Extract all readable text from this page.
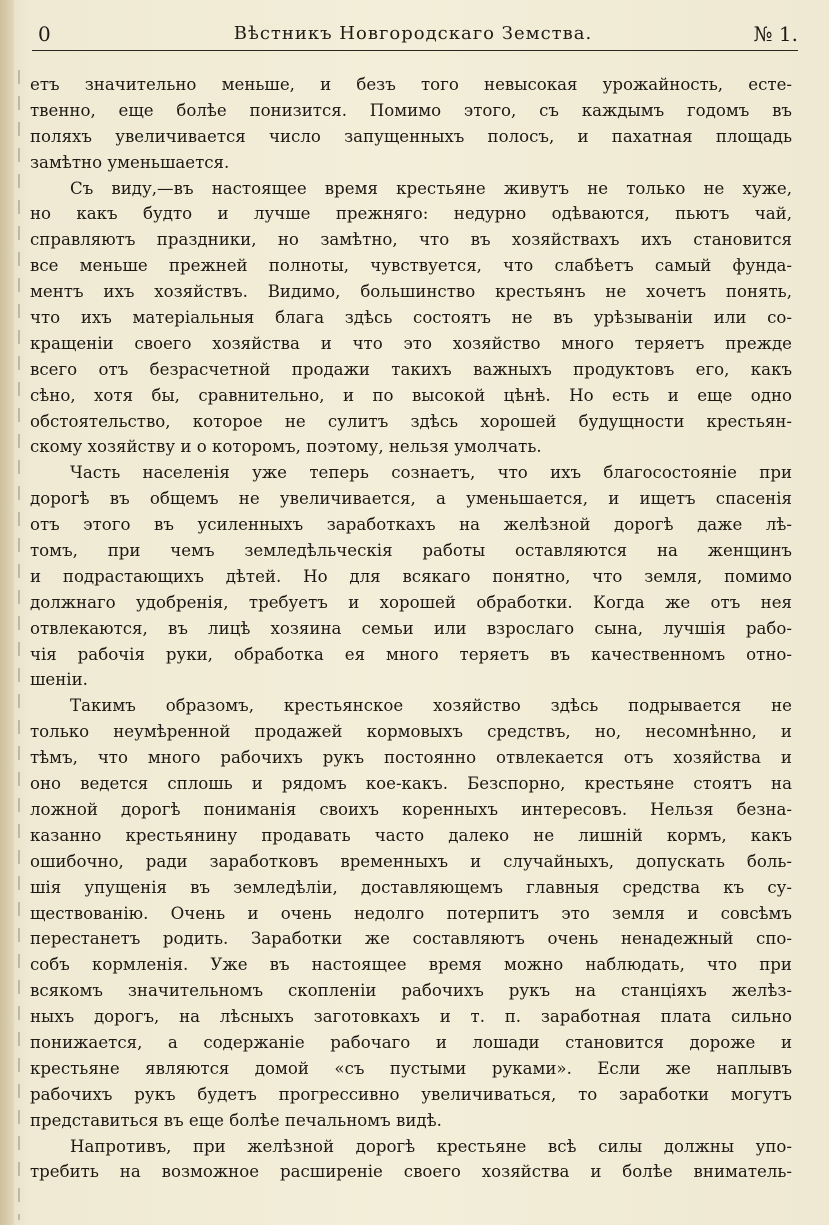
0	Вѣстникъ Новгородскаго Земства.	№ 1.
етъ значительно меньше, и безъ того невысокая урожайность, есте-
твенно, еще болѣе понизится. Помимо этого, съ каждымъ годомъ въ
поляхъ увеличивается число запущенныхъ полосъ, и пахатная площадь
замѣтно уменьшается.
Съ виду,—въ настоящее время крестьяне живутъ не только не хуже,
но какъ будто и лучше прежняго: недурно одѣваются, пьютъ чай,
справляютъ праздники, но замѣтно, что въ хозяйствахъ ихъ становится
все меньше прежней полноты, чувствуется, что слабѣетъ самый фунда-
ментъ ихъ хозяйствъ. Видимо, большинство крестьянъ не хочетъ понять,
что ихъ матеріальныя блага здѣсь состоятъ не въ урѣзываніи или со-
кращеніи своего хозяйства и что это хозяйство много теряетъ прежде
всего отъ безрасчетной продажи такихъ важныхъ продуктовъ его, какъ
сѣно, хотя бы, сравнительно, и по высокой цѣнѣ. Но есть и еще одно
обстоятельство, которое не сулитъ здѣсь хорошей будущности крестьян-
скому хозяйству и о которомъ, поэтому, нельзя умолчать.
Часть населенія уже теперь сознаетъ, что ихъ благосостояніе при
дорогѣ въ общемъ не увеличивается, а уменьшается, и ищетъ спасенія
отъ этого въ усиленныхъ заработкахъ на желѣзной дорогѣ даже лѣ-
томъ, при чемъ земледѣльческія работы оставляются на женщинъ
и подрастающихъ дѣтей. Но для всякаго понятно, что земля, помимо
должнаго удобренія, требуетъ и хорошей обработки. Когда же отъ нея
отвлекаются, въ лицѣ хозяина семьи или взрослаго сына, лучшія рабо-
чія рабочія руки, обработка ея много теряетъ въ качественномъ отно-
шеніи.
Такимъ образомъ, крестьянское хозяйство здѣсь подрывается не
только неумѣренной продажей кормовыхъ средствъ, но, несомнѣнно, и
тѣмъ, что много рабочихъ рукъ постоянно отвлекается отъ хозяйства и
оно ведется сплошь и рядомъ кое-какъ. Безспорно, крестьяне стоятъ на
ложной дорогѣ пониманія своихъ коренныхъ интересовъ. Нельзя безна-
казанно крестьянину продавать часто далеко не лишній кормъ, какъ
ошибочно, ради заработковъ временныхъ и случайныхъ, допускать боль-
шія упущенія въ земледѣліи, доставляющемъ главныя средства къ су-
ществованію. Очень и очень недолго потерпитъ это земля и совсѣмъ
перестанетъ родить. Заработки же составляютъ очень ненадежный спо-
собъ кормленія. Уже въ настоящее время можно наблюдать, что при
всякомъ значительномъ скопленіи рабочихъ рукъ на станціяхъ желѣз-
ныхъ дорогъ, на лѣсныхъ заготовкахъ и т. п. заработная плата сильно
понижается, а содержаніе рабочаго и лошади становится дороже и
крестьяне являются домой «съ пустыми руками». Если же наплывъ
рабочихъ рукъ будетъ прогрессивно увеличиваться, то заработки могутъ
представиться въ еще болѣе печальномъ видѣ.
Напротивъ, при желѣзной дорогѣ крестьяне всѣ силы должны упо-
требить на возможное расширеніе своего хозяйства и болѣе вниматель-
